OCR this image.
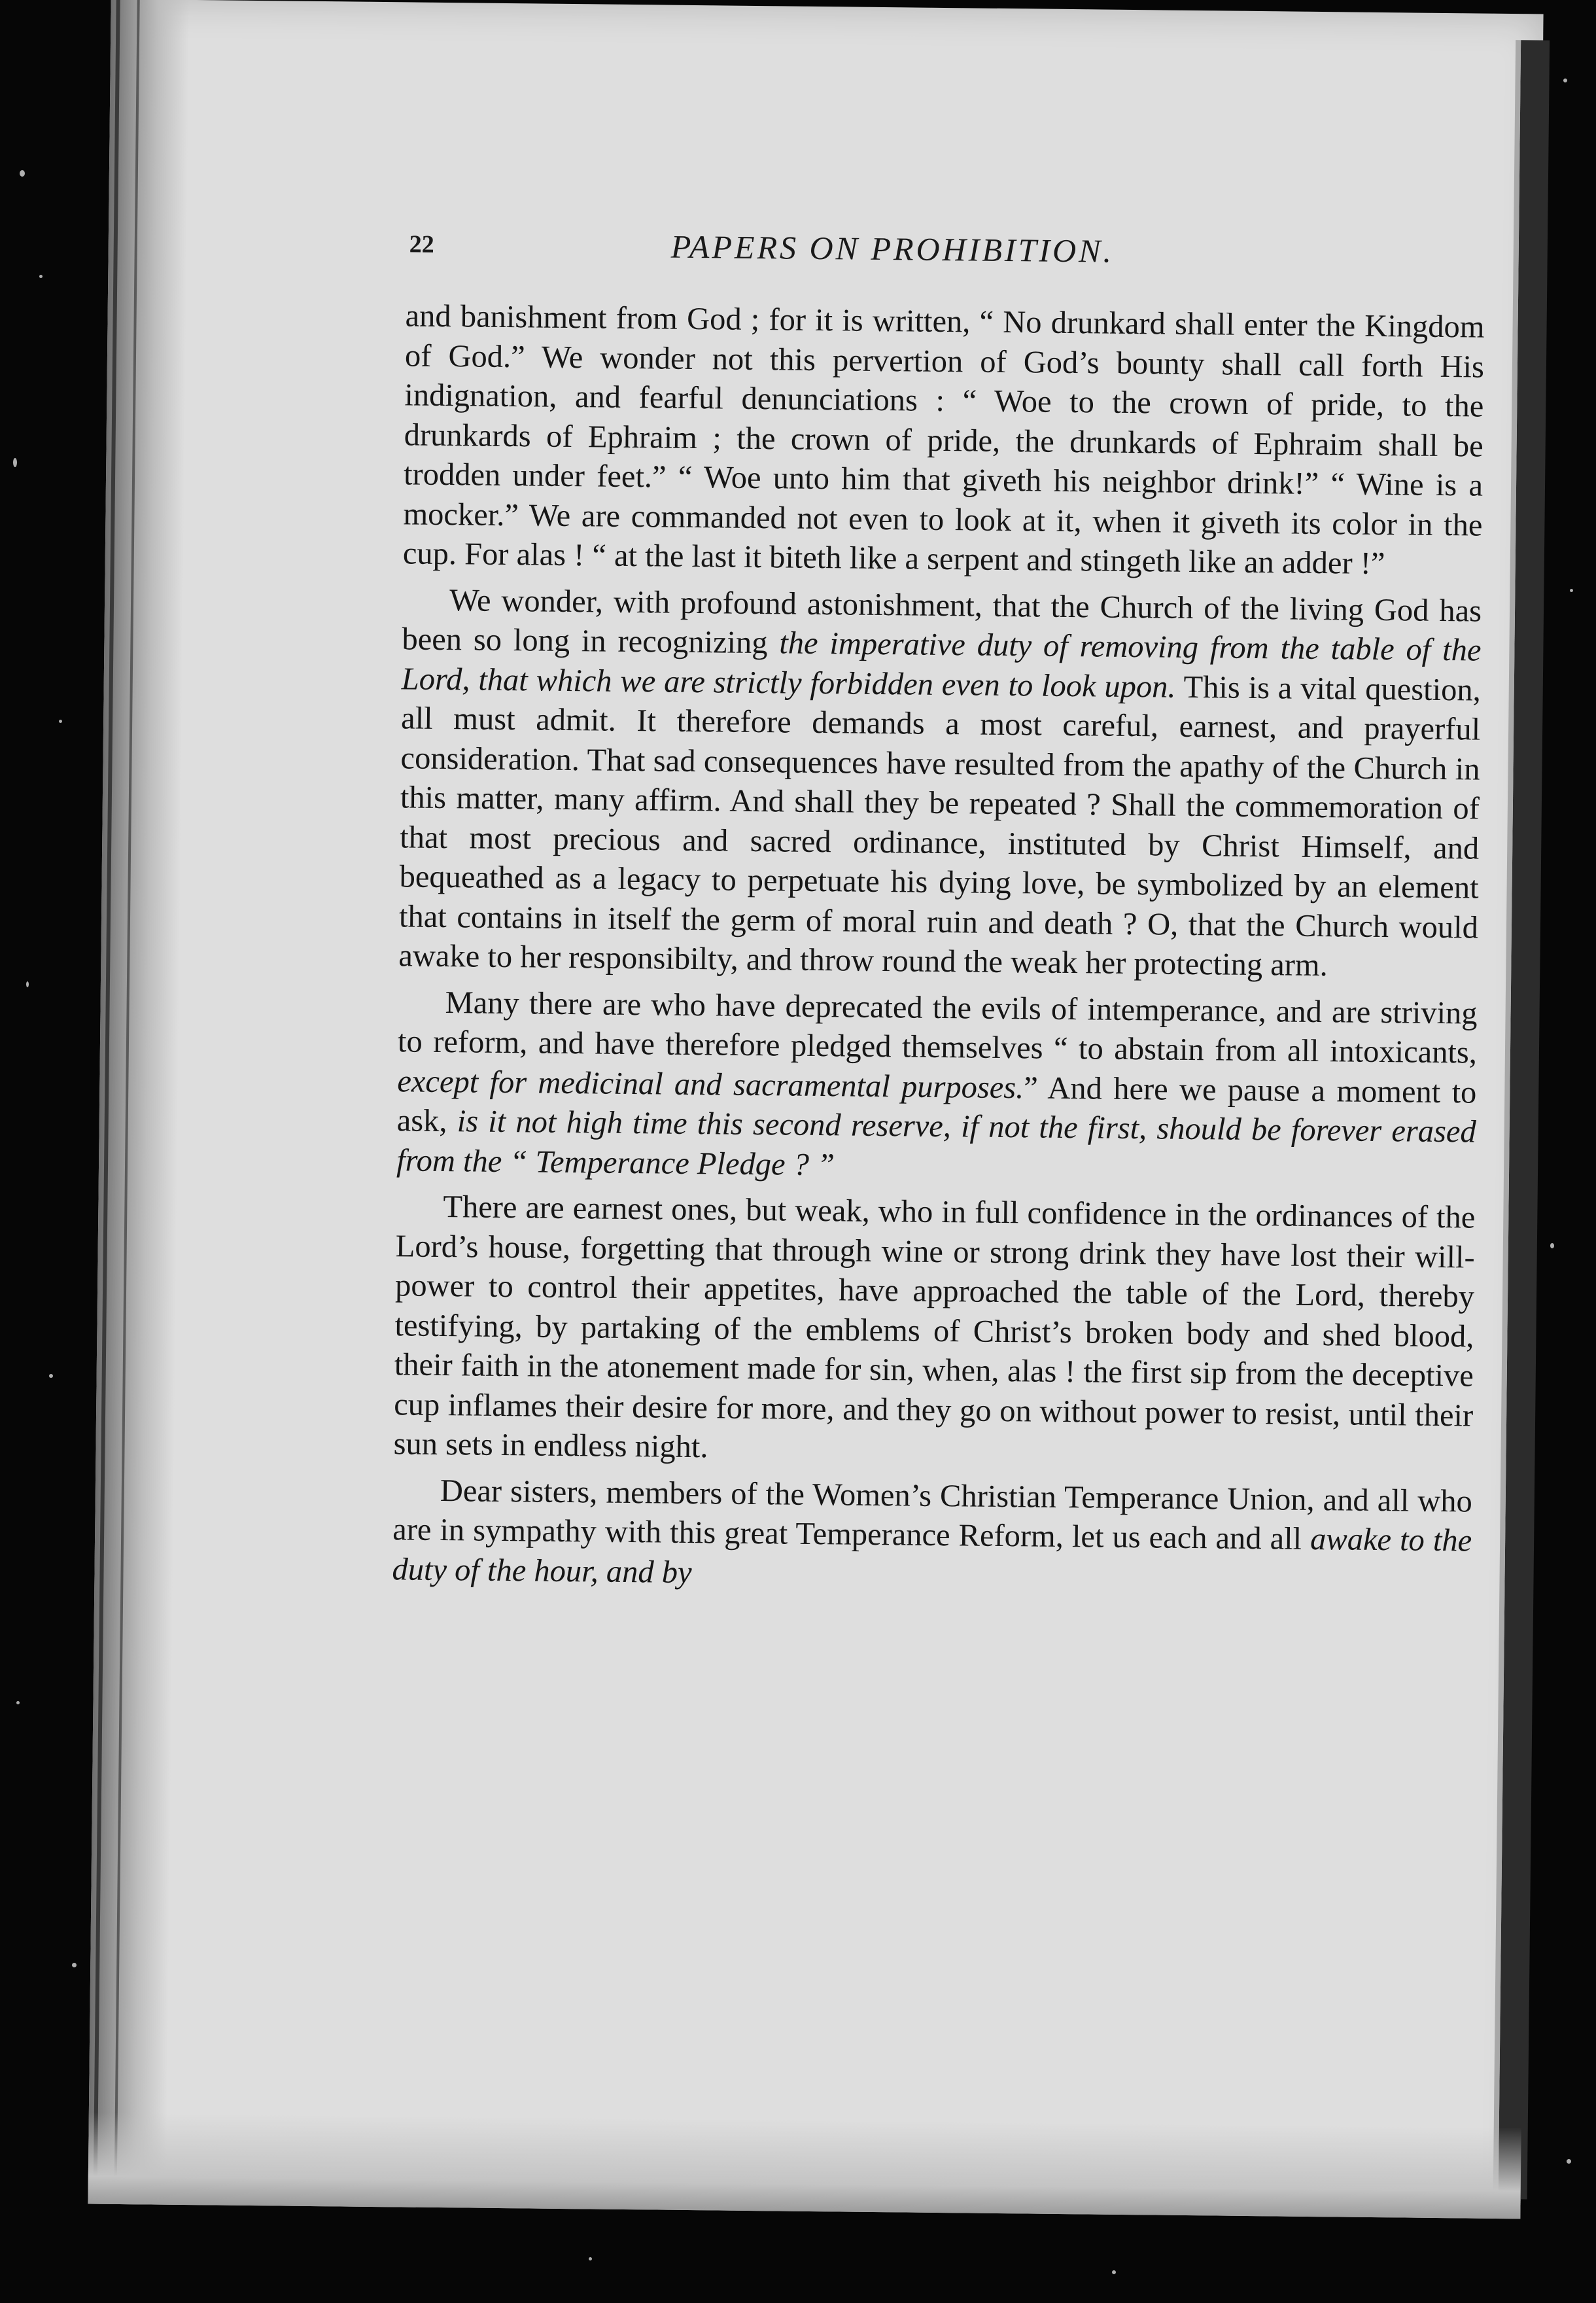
22	PAPERS ON PROHIBITION.

and banishment from God ; for it is written, “ No drunkard shall enter the Kingdom of God.” We wonder not this pervertion of God’s bounty shall call forth His indignation, and fearful denunciations : “ Woe to the crown of pride, to the drunkards of Ephraim ; the crown of pride, the drunkards of Ephraim shall be trodden under feet.” “ Woe unto him that giveth his neighbor drink!” “ Wine is a mocker.” We are commanded not even to look at it, when it giveth its color in the cup. For alas ! “ at the last it biteth like a serpent and stingeth like an adder !”

We wonder, with profound astonishment, that the Church of the living God has been so long in recognizing the imperative duty of removing from the table of the Lord, that which we are strictly forbidden even to look upon. This is a vital question, all must admit. It therefore demands a most careful, earnest, and prayerful consideration. That sad consequences have resulted from the apathy of the Church in this matter, many affirm. And shall they be repeated ? Shall the commemoration of that most precious and sacred ordinance, instituted by Christ Himself, and bequeathed as a legacy to perpetuate his dying love, be symbolized by an element that contains in itself the germ of moral ruin and death ? O, that the Church would awake to her responsibilty, and throw round the weak her protecting arm.

Many there are who have deprecated the evils of intemperance, and are striving to reform, and have therefore pledged themselves “ to abstain from all intoxicants, except for medicinal and sacramental purposes.” And here we pause a moment to ask, is it not high time this second reserve, if not the first, should be forever erased from the “ Temperance Pledge ? ”

There are earnest ones, but weak, who in full confidence in the ordinances of the Lord’s house, forgetting that through wine or strong drink they have lost their will-power to control their appetites, have approached the table of the Lord, thereby testifying, by partaking of the emblems of Christ’s broken body and shed blood, their faith in the atonement made for sin, when, alas ! the first sip from the deceptive cup inflames their desire for more, and they go on without power to resist, until their sun sets in endless night.

Dear sisters, members of the Women’s Christian Temperance Union, and all who are in sympathy with this great Temperance Reform, let us each and all awake to the duty of the hour, and by
